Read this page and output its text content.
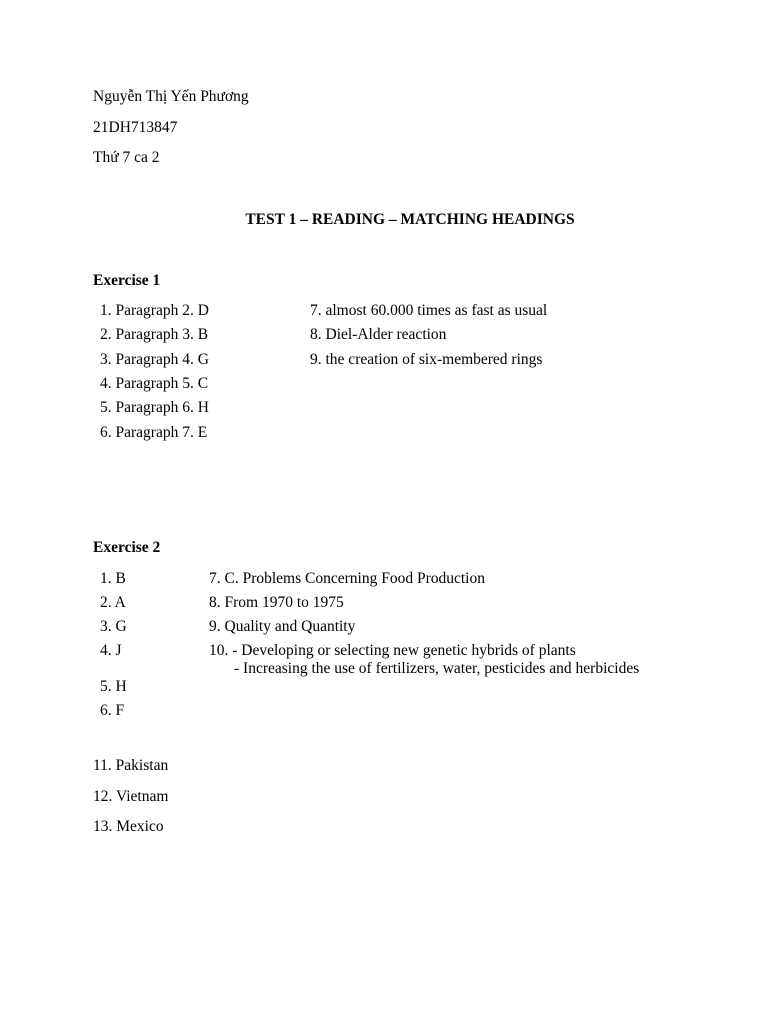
Nguyễn Thị Yến Phương
21DH713847
Thứ 7 ca 2
TEST 1 – READING – MATCHING HEADINGS
Exercise 1
1. Paragraph 2. D
2. Paragraph 3. B
3. Paragraph 4. G
4. Paragraph 5. C
5. Paragraph 6. H
6. Paragraph 7. E
7. almost 60.000 times as fast as usual
8. Diel-Alder reaction
9. the creation of six-membered rings
Exercise 2
1. B
2. A
3. G
4. J
5. H
6. F
7. C. Problems Concerning Food Production
8. From 1970 to 1975
9. Quality and Quantity
10. - Developing or selecting new genetic hybrids of plants
- Increasing the use of fertilizers, water, pesticides and herbicides
11. Pakistan
12. Vietnam
13. Mexico
